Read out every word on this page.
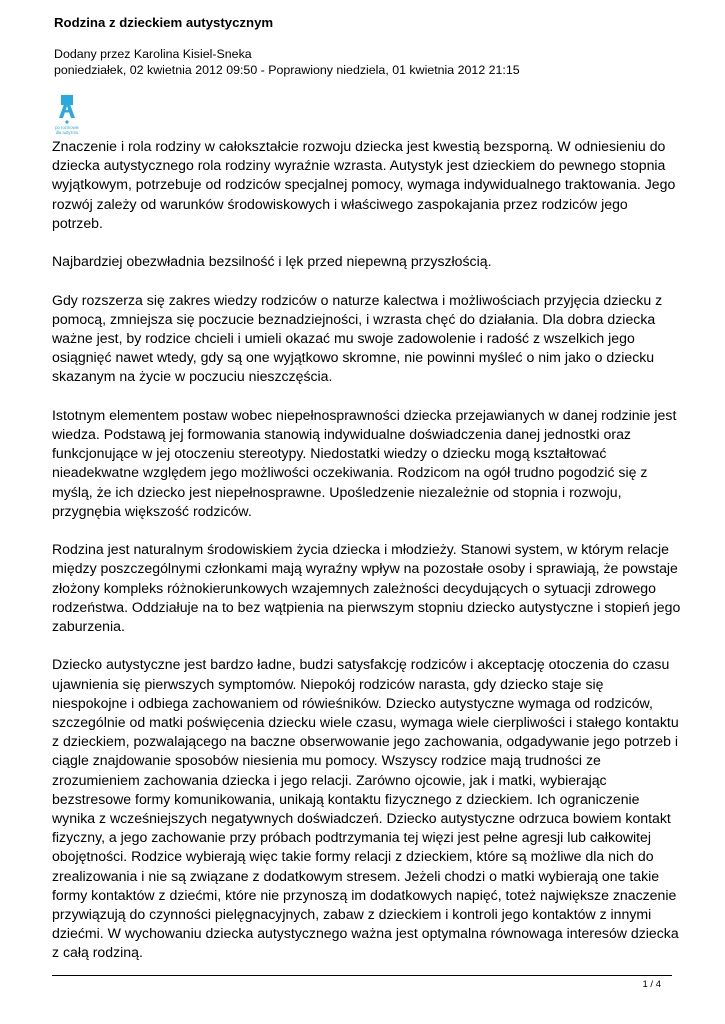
Rodzina z dzieckiem autystycznym
Dodany przez Karolina Kisiel-Sneka
poniedziałek, 02 kwietnia 2012 09:50 - Poprawiony niedziela, 01 kwietnia 2012 21:15
po rozmowie
dla autyzmu

Znaczenie i rola rodziny w całokształcie rozwoju dziecka jest kwestią bezsporną. W odniesieniu do dziecka autystycznego rola rodziny wyraźnie wzrasta. Autystyk jest dzieckiem do pewnego stopnia wyjątkowym, potrzebuje od rodziców specjalnej pomocy, wymaga indywidualnego traktowania. Jego rozwój zależy od warunków środowiskowych i właściwego zaspokajania przez rodziców jego potrzeb.

Najbardziej obezwładnia bezsilność i lęk przed niepewną przyszłością.

Gdy rozszerza się zakres wiedzy rodziców o naturze kalectwa i możliwościach przyjęcia dziecku z pomocą, zmniejsza się poczucie beznadziejności, i wzrasta chęć do działania. Dla dobra dziecka ważne jest, by rodzice chcieli i umieli okazać mu swoje zadowolenie i radość z wszelkich jego osiągnięć nawet wtedy, gdy są one wyjątkowo skromne, nie powinni myśleć o nim jako o dziecku skazanym na życie w poczuciu nieszczęścia.

Istotnym elementem postaw wobec niepełnosprawności dziecka przejawianych w danej rodzinie jest wiedza. Podstawą jej formowania stanowią indywidualne doświadczenia danej jednostki oraz funkcjonujące w jej otoczeniu stereotypy. Niedostatki wiedzy o dziecku mogą kształtować nieadekwatne względem jego możliwości oczekiwania. Rodzicom na ogół trudno pogodzić się z myślą, że ich dziecko jest niepełnosprawne. Upośledzenie niezależnie od stopnia i rozwoju, przygnębia większość rodziców.

Rodzina jest naturalnym środowiskiem życia dziecka i młodzieży. Stanowi system, w którym relacje między poszczególnymi członkami mają wyraźny wpływ na pozostałe osoby i sprawiają, że powstaje złożony kompleks różnokierunkowych wzajemnych zależności decydujących o sytuacji zdrowego rodzeństwa. Oddziałuje na to bez wątpienia na pierwszym stopniu dziecko autystyczne i stopień jego zaburzenia.

Dziecko autystyczne jest bardzo ładne, budzi satysfakcję rodziców i akceptację otoczenia do czasu ujawnienia się pierwszych symptomów. Niepokój rodziców narasta, gdy dziecko staje się niespokojne i odbiega zachowaniem od rówieśników. Dziecko autystyczne wymaga od rodziców, szczególnie od matki poświęcenia dziecku wiele czasu, wymaga wiele cierpliwości i stałego kontaktu z dzieckiem, pozwalającego na baczne obserwowanie jego zachowania, odgadywanie jego potrzeb i ciągle znajdowanie sposobów niesienia mu pomocy. Wszyscy rodzice mają trudności ze zrozumieniem zachowania dziecka i jego relacji. Zarówno ojcowie, jak i matki, wybierając bezstresowe formy komunikowania, unikają kontaktu fizycznego z dzieckiem. Ich ograniczenie wynika z wcześniejszych negatywnych doświadczeń. Dziecko autystyczne odrzuca bowiem kontakt fizyczny, a jego zachowanie przy próbach podtrzymania tej więzi jest pełne agresji lub całkowitej obojętności. Rodzice wybierają więc takie formy relacji z dzieckiem, które są możliwe dla nich do zrealizowania i nie są związane z dodatkowym stresem. Jeżeli chodzi o matki wybierają one takie formy kontaktów z dziećmi, które nie przynoszą im dodatkowych napięć, toteż największe znaczenie przywiązują do czynności pielęgnacyjnych, zabaw z dzieckiem i kontroli jego kontaktów z innymi dziećmi. W wychowaniu dziecka autystycznego ważna jest optymalna równowaga interesów dziecka z całą rodziną.

1 / 4
